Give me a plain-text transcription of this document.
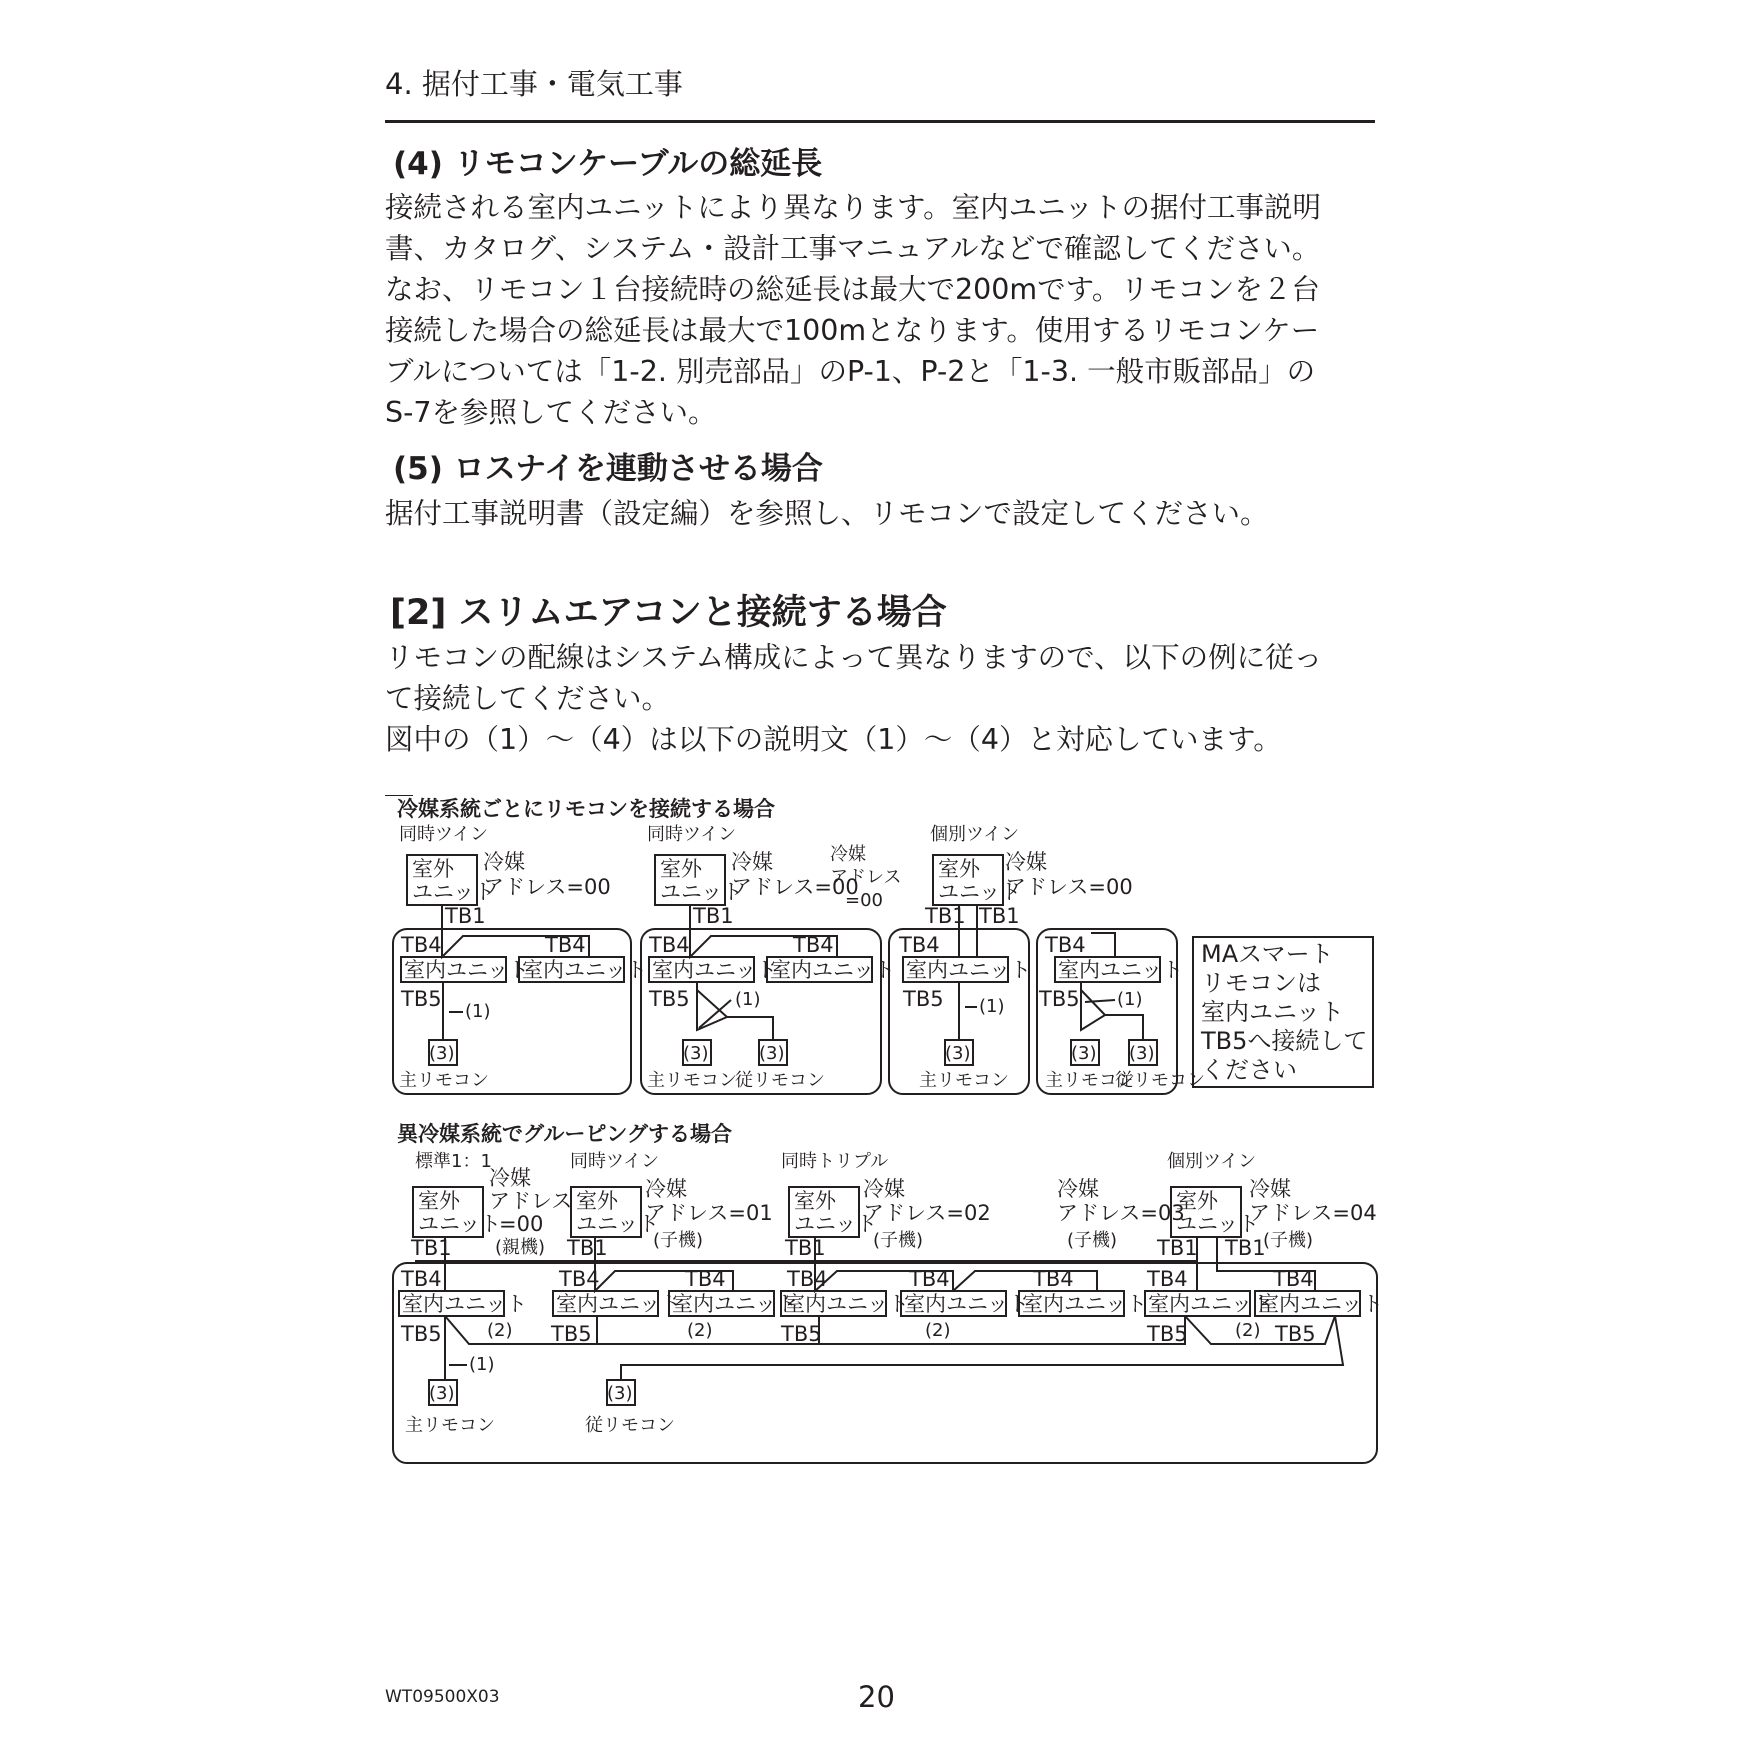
4. 据付工事・電気工事
(4) リモコンケーブルの総延長
接続される室内ユニットにより異なります。室内ユニットの据付工事説明
書、カタログ、システム・設計工事マニュアルなどで確認してください。
なお、リモコン１台接続時の総延長は最大で200mです。リモコンを２台
接続した場合の総延長は最大で100mとなります。使用するリモコンケー
ブルについては「1-2. 別売部品」のP-1、P-2と「1-3. 一般市販部品」の
S-7を参照してください。
(5) ロスナイを連動させる場合
据付工事説明書（設定編）を参照し、リモコンで設定してください。
[2] スリムエアコンと接続する場合
リモコンの配線はシステム構成によって異なりますので、以下の例に従っ
て接続してください。
図中の（1）～（4）は以下の説明文（1）～（4）と対応しています。
冷媒系統ごとにリモコンを接続する場合
同時ツイン
室外
ユニット
冷媒
アドレス=00
TB1
TB4	TB4
室内ユニット
室内ユニット
TB5
(1)
(3)
主リモコン
同時ツイン
室外
ユニット
冷媒
アドレス=00
TB1
TB4	TB4
室内ユニット
室内ユニット
TB5	(1)
(3)	(3)
主リモコン
従リモコン
冷媒
アドレス
=00
個別ツイン
室外
ユニット
冷媒
アドレス=00
TB1 TB1
TB4
室内ユニット
TB5 (1)
(3)
主リモコン
TB4
室内ユニット
TB5 (1)
(3) (3)
主リモコン
従リモコン
MAスマート
リモコンは
室内ユニット
TB5へ接続して
ください
異冷媒系統でグルーピングする場合
標準1：1
室外
ユニット
冷媒
アドレス
=00
(親機)
TB1
同時ツイン
室外
ユニット
冷媒
アドレス=01
(子機)
TB1
同時トリプル
室外
ユニット
冷媒
アドレス=02
(子機)
TB1
冷媒
アドレス=03
(子機)
個別ツイン
室外
ユニット
冷媒
アドレス=04
(子機)
TB1 TB1
TB4	TB4	TB4	TB4	TB4	TB4	TB4	TB4
室内ユニット 室内ユニット
室内ユニット
室内ユニット
室内ユニット
室内ユニット 室内ユニット
室内ユニット
TB5	TB5	TB5	TB5	TB5
(1)
(2)	(2)	(2)	(2)
(3)	(3)
主リモコン	従リモコン
WT09500X03	20
